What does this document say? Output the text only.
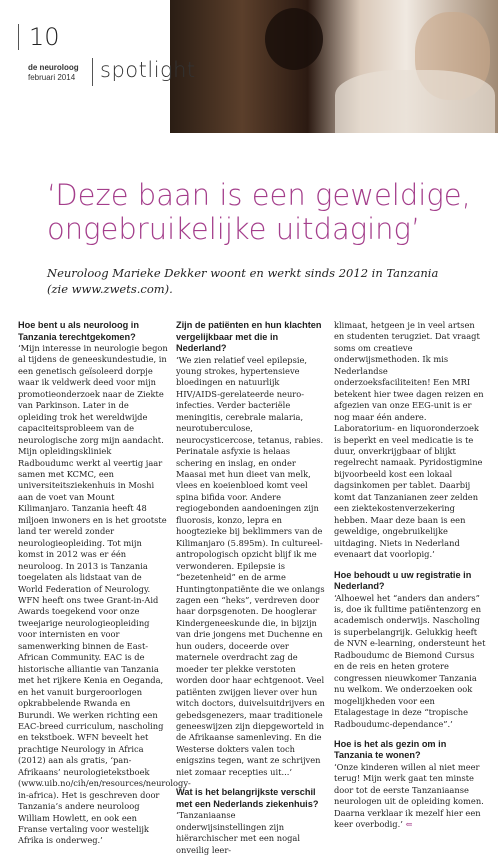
10
de neuroloog
februari 2014 spotlight
‘Deze baan is een geweldige,
ongebruikelijke uitdaging’
Neuroloog Marieke Dekker woont en werkt sinds 2012 in Tanzania
(zie www.zwets.com).

Hoe bent u als neuroloog in Tanzania terechtgekomen?

‘Mijn interesse in neurologie begon al tijdens de geneeskundestudie, in een genetisch geïsoleerd dorpje waar ik veldwerk deed voor mijn promotieonderzoek naar de Ziekte van Parkinson. Later in de opleiding trok het wereldwijde capaciteitsprobleem van de neurologische zorg mijn aandacht. Mijn opleidingskliniek Radboudumc werkt al veertig jaar samen met KCMC, een universiteitsziekenhuis in Moshi aan de voet van Mount Kilimanjaro. Tanzania heeft 48 miljoen inwoners en is het grootste land ter wereld zonder neurologieopleiding. Tot mijn komst in 2012 was er één neuroloog. In 2013 is Tanzania toegelaten als lidstaat van de World Federation of Neurology. WFN heeft ons twee Grant-in-Aid Awards toegekend voor onze tweejarige neurologieopleiding voor internisten en voor samenwerking binnen de East-African Community. EAC is de historische alliantie van Tanzania met het rijkere Kenia en Oeganda, en het vanuit burgeroorlogen opkrabbelende Rwanda en Burundi. We werken richting een EAC-breed curriculum, nascholing en tekstboek. WFN beveelt het prachtige Neurology in Africa (2012) aan als gratis, ‘pan-Afrikaans’ neurologietekstboek (www.uib.no/cih/en/resources/neurology-in-africa). Het is geschreven door Tanzania’s andere neuroloog William Howlett, en ook een Franse vertaling voor westelijk Afrika is onderweg.’

Zijn de patiënten en hun klachten vergelijkbaar met die in Nederland?

‘We zien relatief veel epilepsie, young strokes, hypertensieve bloedingen en natuurlijk HIV/AIDS-gerelateerde neuro-infecties. Verder bacteriële meningitis, cerebrale malaria, neurotuberculose, neurocysticercose, tetanus, rabies. Perinatale asfyxie is helaas schering en inslag, en onder Maasai met hun dieet van melk, vlees en koeienbloed komt veel spina bifida voor. Andere regiogebonden aandoeningen zijn fluorosis, konzo, lepra en hoogtezieke bij beklimmers van de Kilimanjaro (5.895m). In cultureel-antropologisch opzicht blijf ik me verwonderen. Epilepsie is “bezetenheid” en de arme Huntingtonpatiënte die we onlangs zagen een “heks”, verdreven door haar dorpsgenoten. De hooglerar Kindergeneeskunde die, in bijzijn van drie jongens met Duchenne en hun ouders, doceerde over maternele overdracht zag de moeder ter plekke verstoten worden door haar echtgenoot. Veel patiënten zwijgen liever over hun witch doctors, duivelsuitdrijvers en gebedsgenezers, maar traditionele geneeswijzen zijn diepgeworteld in de Afrikaanse samenleving. En die Westerse dokters valen toch enigszins tegen, want ze schrijven niet zomaar recepties uit...’

Wat is het belangrijkste verschil met een Nederlands ziekenhuis?

‘Tanzaniaanse onderwijsinstellingen zijn hiërarchischer met een nogal onveilig leer-

klimaat, hetgeen je in veel artsen en studenten terugziet. Dat vraagt soms om creatieve onderwijsmethoden. Ik mis Nederlandse onderzoeksfaciliteiten! Een MRI betekent hier twee dagen reizen en afgezien van onze EEG-unit is er nog maar één andere. Laboratorium- en liquoronderzoek is beperkt en veel medicatie is te duur, onverkrijgbaar of blijkt regelrecht namaak. Pyridostigmine bijvoorbeeld kost een lokaal dagsinkomen per tablet. Daarbij komt dat Tanzanianen zeer zelden een ziektekostenverzekering hebben. Maar deze baan is een geweldige, ongebruikelijke uitdaging. Niets in Nederland evenaart dat voorlopig.’

Hoe behoudt u uw registratie in Nederland?

‘Alhoewel het “anders dan anders” is, doe ik fulltime patiëntenzorg en academisch onderwijs. Nascholing is superbelangrijk. Gelukkig heeft de NVN e-learning, ondersteunt het Radboudumc de Biemond Cursus en de reis en heten grotere congressen nieuwkomer Tanzania nu welkom. We onderzoeken ook mogelijkheden voor een Etalagestage in deze “tropische Radboudumc-dependance”.’

Hoe is het als gezin om in Tanzania te wonen?

‘Onze kinderen willen al niet meer terug! Mijn werk gaat ten minste door tot de eerste Tanzaniaanse neurologen uit de opleiding komen. Daarna verklaar ik mezelf hier een keer overbodig.’ ⇐
